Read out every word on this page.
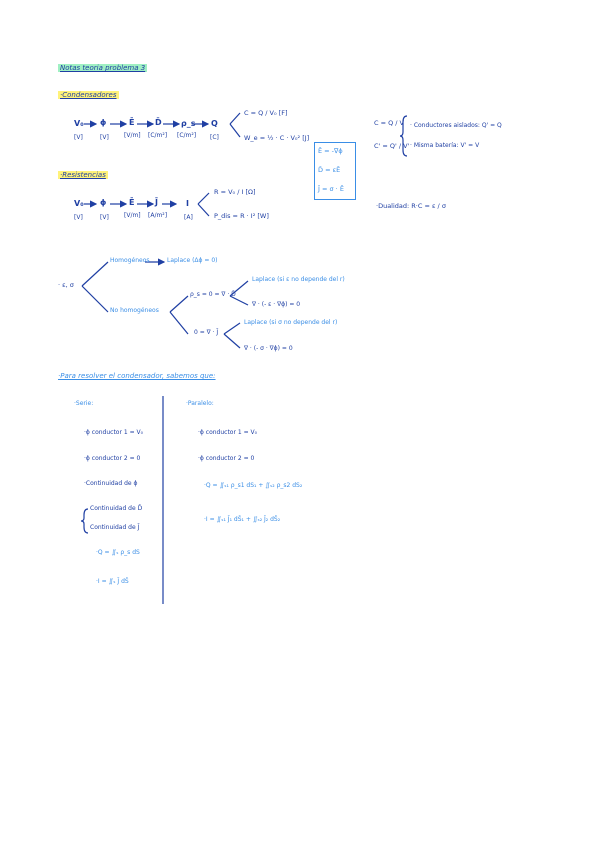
Notas teoria problema 3
·Condensadores
V₀ ϕ	Ē	D̄ ρ_s Q
[V]	[V]	[V/m] [C/m²] [C/m²] [C]
C = Q / V₀ [F]
W_e = ½ · C · V₀² [J]
Ē = -∇ϕ
D̄ = εĒ
J̄ = σ · Ē
C = Q / V
C' = Q' / V'
· Conductores aislados: Q' = Q
· Misma batería: V' = V
·Resistencias
V₀ ϕ	Ē	J̄	I
[V]	[V]	[V/m] [A/m²]	[A]
R = V₀ / I [Ω]
P_dis = R · I² [W]
·Dualidad: R·C = ε / σ
· ε, σ
Homogéneos	Laplace (Δϕ = 0)
No homogéneos
ρ_s = 0 = ∇ · D̄
Laplace (si ε no depende del r)
∇ · (- ε · ∇ϕ) = 0
0 = ∇ · J̄
Laplace (si σ no depende del r)
∇ · (- σ · ∇ϕ) = 0
·Para resolver el condensador, sabemos que:
·Serie:
·ϕ conductor 1 = V₀
·ϕ conductor 2 = 0
·Continuidad de ϕ
Continuidad de D̄
Continuidad de J̄
·Q = ∬ₛ ρ_s dS
·I = ∬ₛ J̄ dS̄
·Paralelo:
·ϕ conductor 1 = V₀
·ϕ conductor 2 = 0
·Q = ∬ₛ₁ ρ_s1 dS₁ + ∬ₛ₂ ρ_s2 dS₂
·I = ∬ₛ₁ J̄₁ dS̄₁ + ∬ₛ₂ J̄₂ dS̄₂
